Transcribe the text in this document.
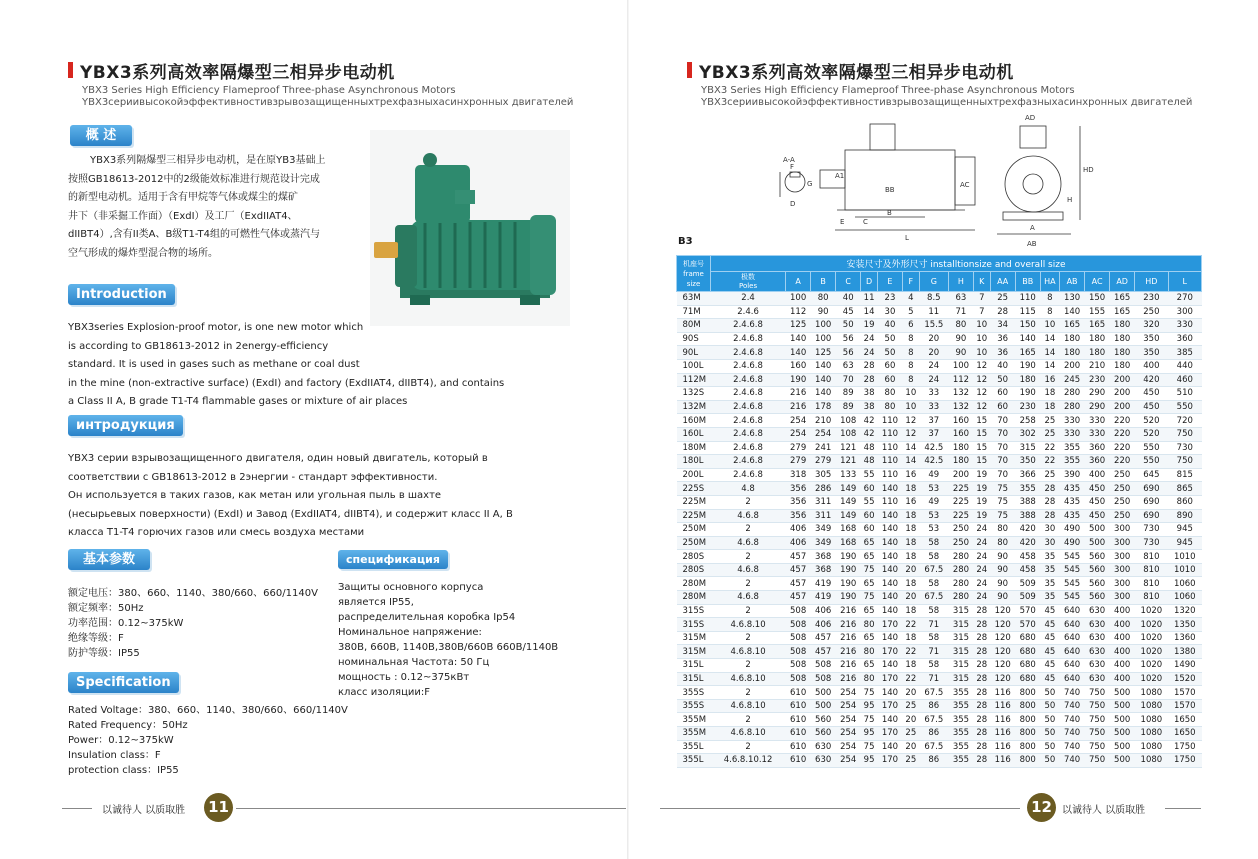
YBX3系列高效率隔爆型三相异步电动机
YBX3 Series High Efficiency Flameproof Three-phase Asynchronous Motors
YBX3сериивысокойэффективностивзрывозащищенныхтрехфазныхасинхронных двигателей
概 述
YBX3系列隔爆型三相异步电动机，是在原YB3基础上
按照GB18613-2012中的2级能效标准进行规范设计完成
的新型电动机。适用于含有甲烷等气体或煤尘的煤矿
井下（非采掘工作面）（ExdI）及工厂（ExdIIAT4、
dIIBT4）,含有II类A、B级T1-T4组的可燃性气体或蒸汽与
空气形成的爆炸型混合物的场所。
Introduction
YBX3series Explosion-proof motor, is one new motor which
is according to GB18613-2012 in 2energy-efficiency
standard. It is used in gases such as methane or coal dust
in the mine (non-extractive surface) (ExdI) and factory (ExdIIAT4, dIIBT4), and contains
a Class II A, B grade T1-T4 flammable gases or mixture of air places
интродукция
YBX3 серии взрывозащищенного двигателя, один новый двигатель, который в
соответствии с GB18613-2012 в 2энергии - стандарт эффективности.
Он используется в таких газов, как метан или угольная пыль в шахте
(несырьевых поверхности) (ExdI) и Завод (ExdIIAT4, dIIBT4), и содержит класс II A, B
класса T1-T4 горючих газов или смесь воздуха местами
基本参数
额定电压：380、660、1140、380/660、660/1140V
额定频率：50Hz
功率范围：0.12~375kW
绝缘等级：F
防护等级：IP55
спецификация
Защиты основного корпуса
является IP55,
распределительная коробка Ip54
Номинальное напряжение:
380В, 660В, 1140В,380В/660В 660В/1140В
номинальная Частота: 50 Гц
мощность : 0.12~375кВт
класс изоляции:F
Specification
Rated Voltage：380、660、1140、380/660、660/1140V
Rated Frequency：50Hz
Power：0.12~375kW
Insulation class：F
protection class：IP55
以诚待人 以质取胜 11
YBX3系列高效率隔爆型三相异步电动机
YBX3 Series High Efficiency Flameproof Three-phase Asynchronous Motors
YBX3сериивысокойэффективностивзрывозащищенныхтрехфазныхасинхронных двигателей
A-A
AD
HD
AC
H
BB
AB
A
B
C
E
F
G
D
A1
L
B3
机座号
frame size	安装尺寸及外形尺寸 installtionsize and overall size																	
	极数
Poles	A	B	C	D	E	F	G	H	K	AA	BB	HA	AB	AC	AD	HD	L
63M	2.4	100	80	40	11	23	4	8.5	63	7	25	110	8	130	150	165	230	270
71M	2.4.6	112	90	45	14	30	5	11	71	7	28	115	8	140	155	165	250	300
80M	2.4.6.8	125	100	50	19	40	6	15.5	80	10	34	150	10	165	165	180	320	330
90S	2.4.6.8	140	100	56	24	50	8	20	90	10	36	140	14	180	180	180	350	360
90L	2.4.6.8	140	125	56	24	50	8	20	90	10	36	165	14	180	180	180	350	385
100L	2.4.6.8	160	140	63	28	60	8	24	100	12	40	190	14	200	210	180	400	440
112M	2.4.6.8	190	140	70	28	60	8	24	112	12	50	180	16	245	230	200	420	460
132S	2.4.6.8	216	140	89	38	80	10	33	132	12	60	190	18	280	290	200	450	510
132M	2.4.6.8	216	178	89	38	80	10	33	132	12	60	230	18	280	290	200	450	550
160M	2.4.6.8	254	210	108	42	110	12	37	160	15	70	258	25	330	330	220	520	720
160L	2.4.6.8	254	254	108	42	110	12	37	160	15	70	302	25	330	330	220	520	750
180M	2.4.6.8	279	241	121	48	110	14	42.5	180	15	70	315	22	355	360	220	550	730
180L	2.4.6.8	279	279	121	48	110	14	42.5	180	15	70	350	22	355	360	220	550	750
200L	2.4.6.8	318	305	133	55	110	16	49	200	19	70	366	25	390	400	250	645	815
225S	4.8	356	286	149	60	140	18	53	225	19	75	355	28	435	450	250	690	865
225M	2	356	311	149	55	110	16	49	225	19	75	388	28	435	450	250	690	860
225M	4.6.8	356	311	149	60	140	18	53	225	19	75	388	28	435	450	250	690	890
250M	2	406	349	168	60	140	18	53	250	24	80	420	30	490	500	300	730	945
250M	4.6.8	406	349	168	65	140	18	58	250	24	80	420	30	490	500	300	730	945
280S	2	457	368	190	65	140	18	58	280	24	90	458	35	545	560	300	810	1010
280S	4.6.8	457	368	190	75	140	20	67.5	280	24	90	458	35	545	560	300	810	1010
280M	2	457	419	190	65	140	18	58	280	24	90	509	35	545	560	300	810	1060
280M	4.6.8	457	419	190	75	140	20	67.5	280	24	90	509	35	545	560	300	810	1060
315S	2	508	406	216	65	140	18	58	315	28	120	570	45	640	630	400	1020	1320
315S	4.6.8.10	508	406	216	80	170	22	71	315	28	120	570	45	640	630	400	1020	1350
315M	2	508	457	216	65	140	18	58	315	28	120	680	45	640	630	400	1020	1360
315M	4.6.8.10	508	457	216	80	170	22	71	315	28	120	680	45	640	630	400	1020	1380
315L	2	508	508	216	65	140	18	58	315	28	120	680	45	640	630	400	1020	1490
315L	4.6.8.10	508	508	216	80	170	22	71	315	28	120	680	45	640	630	400	1020	1520
355S	2	610	500	254	75	140	20	67.5	355	28	116	800	50	740	750	500	1080	1570
355S	4.6.8.10	610	500	254	95	170	25	86	355	28	116	800	50	740	750	500	1080	1570
355M	2	610	560	254	75	140	20	67.5	355	28	116	800	50	740	750	500	1080	1650
355M	4.6.8.10	610	560	254	95	170	25	86	355	28	116	800	50	740	750	500	1080	1650
355L	2	610	630	254	75	140	20	67.5	355	28	116	800	50	740	750	500	1080	1750
355L	4.6.8.10.12	610	630	254	95	170	25	86	355	28	116	800	50	740	750	500	1080	1750
12	以诚待人 以质取胜
